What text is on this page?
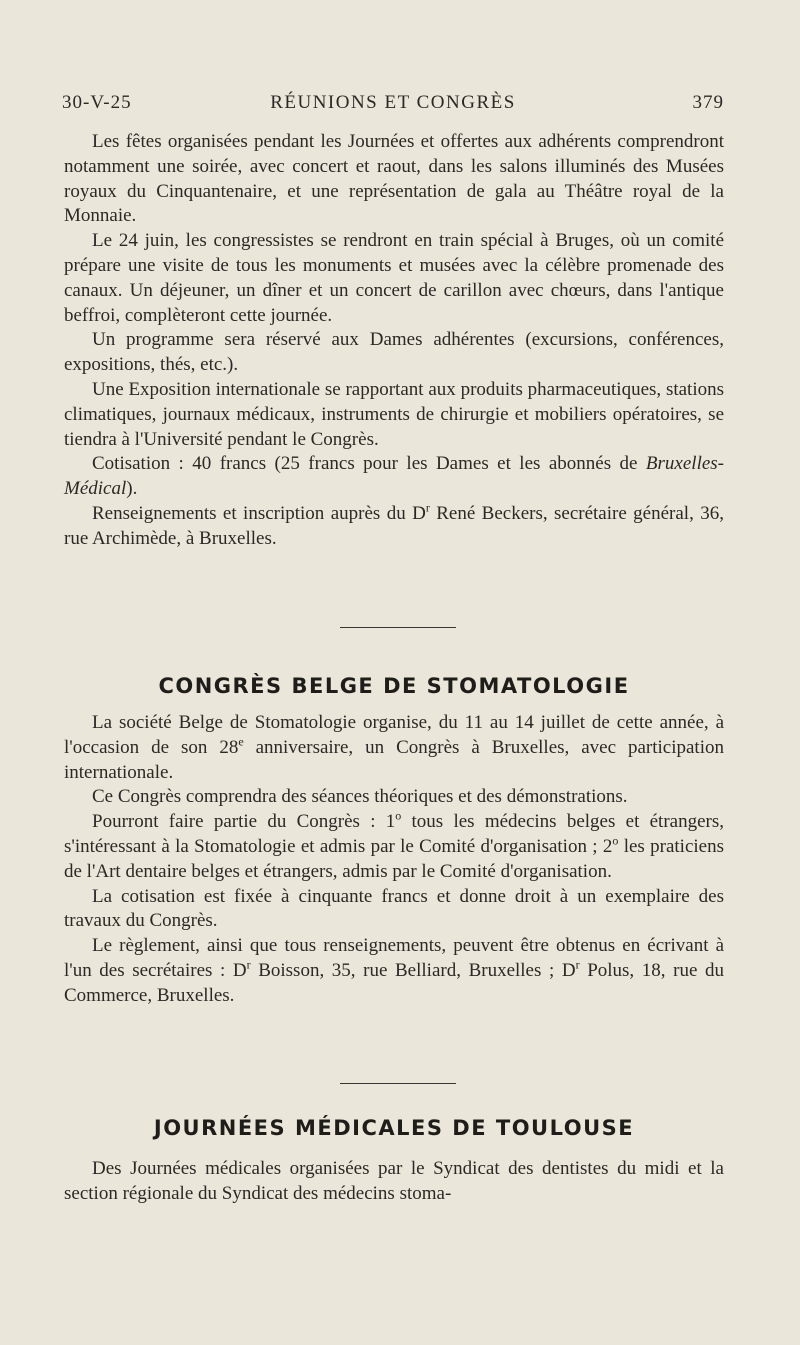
30-V-25	RÉUNIONS ET CONGRÈS	379

Les fêtes organisées pendant les Journées et offertes aux adhérents comprendront notamment une soirée, avec concert et raout, dans les salons illuminés des Musées royaux du Cinquantenaire, et une représentation de gala au Théâtre royal de la Monnaie.

Le 24 juin, les congressistes se rendront en train spécial à Bruges, où un comité prépare une visite de tous les monuments et musées avec la célèbre promenade des canaux. Un déjeuner, un dîner et un concert de carillon avec chœurs, dans l'antique beffroi, complèteront cette journée.

Un programme sera réservé aux Dames adhérentes (excursions, conférences, expositions, thés, etc.).

Une Exposition internationale se rapportant aux produits pharmaceutiques, stations climatiques, journaux médicaux, instruments de chirurgie et mobiliers opératoires, se tiendra à l'Université pendant le Congrès.

Cotisation : 40 francs (25 francs pour les Dames et les abonnés de Bruxelles-Médical).

Renseignements et inscription auprès du $D^r$ René Beckers, secrétaire général, 36, rue Archimède, à Bruxelles.

CONGRÈS BELGE DE STOMATOLOGIE

La société Belge de Stomatologie organise, du 11 au 14 juillet de cette année, à l'occasion de son 28e anniversaire, un Congrès à Bruxelles, avec participation internationale.

Ce Congrès comprendra des séances théoriques et des démonstrations.

Pourront faire partie du Congrès : 1$^o$ tous les médecins belges et étrangers, s'intéressant à la Stomatologie et admis par le Comité d'organisation ; 2$^o$ les praticiens de l'Art dentaire belges et étrangers, admis par le Comité d'organisation.

La cotisation est fixée à cinquante francs et donne droit à un exemplaire des travaux du Congrès.

Le règlement, ainsi que tous renseignements, peuvent être obtenus en écrivant à l'un des secrétaires : $D^r$ Boisson, 35, rue Belliard, Bruxelles ; $D^r$ Polus, 18, rue du Commerce, Bruxelles.

JOURNÉES MÉDICALES DE TOULOUSE

Des Journées médicales organisées par le Syndicat des dentistes du midi et la section régionale du Syndicat des médecins stoma-
